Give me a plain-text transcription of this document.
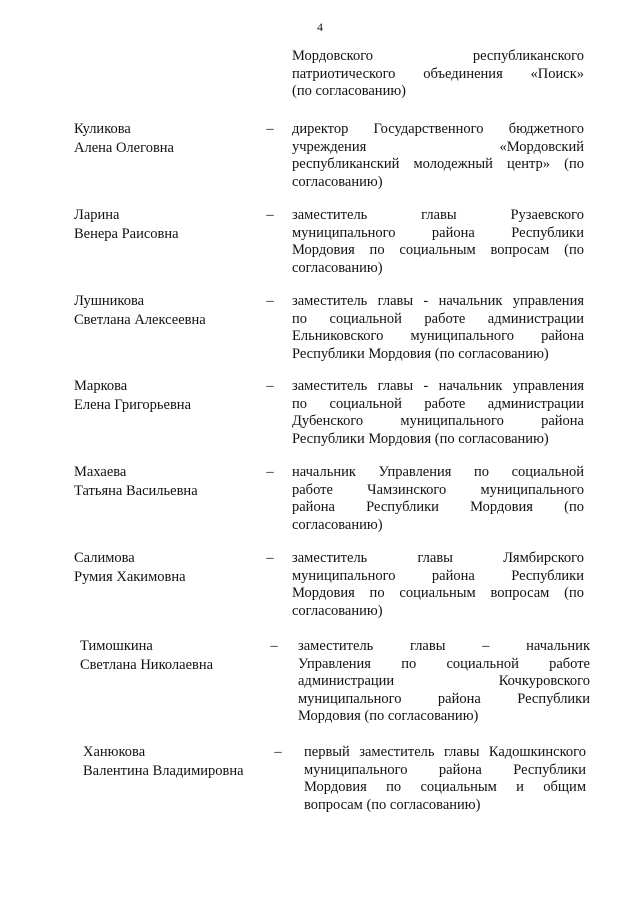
4
Мордовского республиканского
патриотического объединения «Поиск»
(по согласованию)
Куликова
Алена Олеговна
–	директор Государственного бюджетного
учреждения «Мордовский
республиканский молодежный центр» (по
согласованию)
Ларина
Венера Раисовна
–	заместитель главы Рузаевского
муниципального района Республики
Мордовия по социальным вопросам (по
согласованию)
Лушникова
Светлана Алексеевна
–	заместитель главы - начальник управления
по социальной работе администрации
Ельниковского муниципального района
Республики Мордовия (по согласованию)
Маркова
Елена Григорьевна
–	заместитель главы - начальник управления
по социальной работе администрации
Дубенского муниципального района
Республики Мордовия (по согласованию)
Махаева
Татьяна Васильевна
–	начальник Управления по социальной
работе Чамзинского муниципального
района Республики Мордовия (по
согласованию)
Салимова
Румия Хакимовна
–	заместитель главы Лямбирского
муниципального района Республики
Мордовия по социальным вопросам (по
согласованию)
Тимошкина
Светлана Николаевна
–	заместитель главы – начальник
Управления по социальной работе
администрации Кочкуровского
муниципального района Республики
Мордовия (по согласованию)
Ханюкова
Валентина Владимировна
–	первый заместитель главы Кадошкинского
муниципального района Республики
Мордовия по социальным и общим
вопросам (по согласованию)
